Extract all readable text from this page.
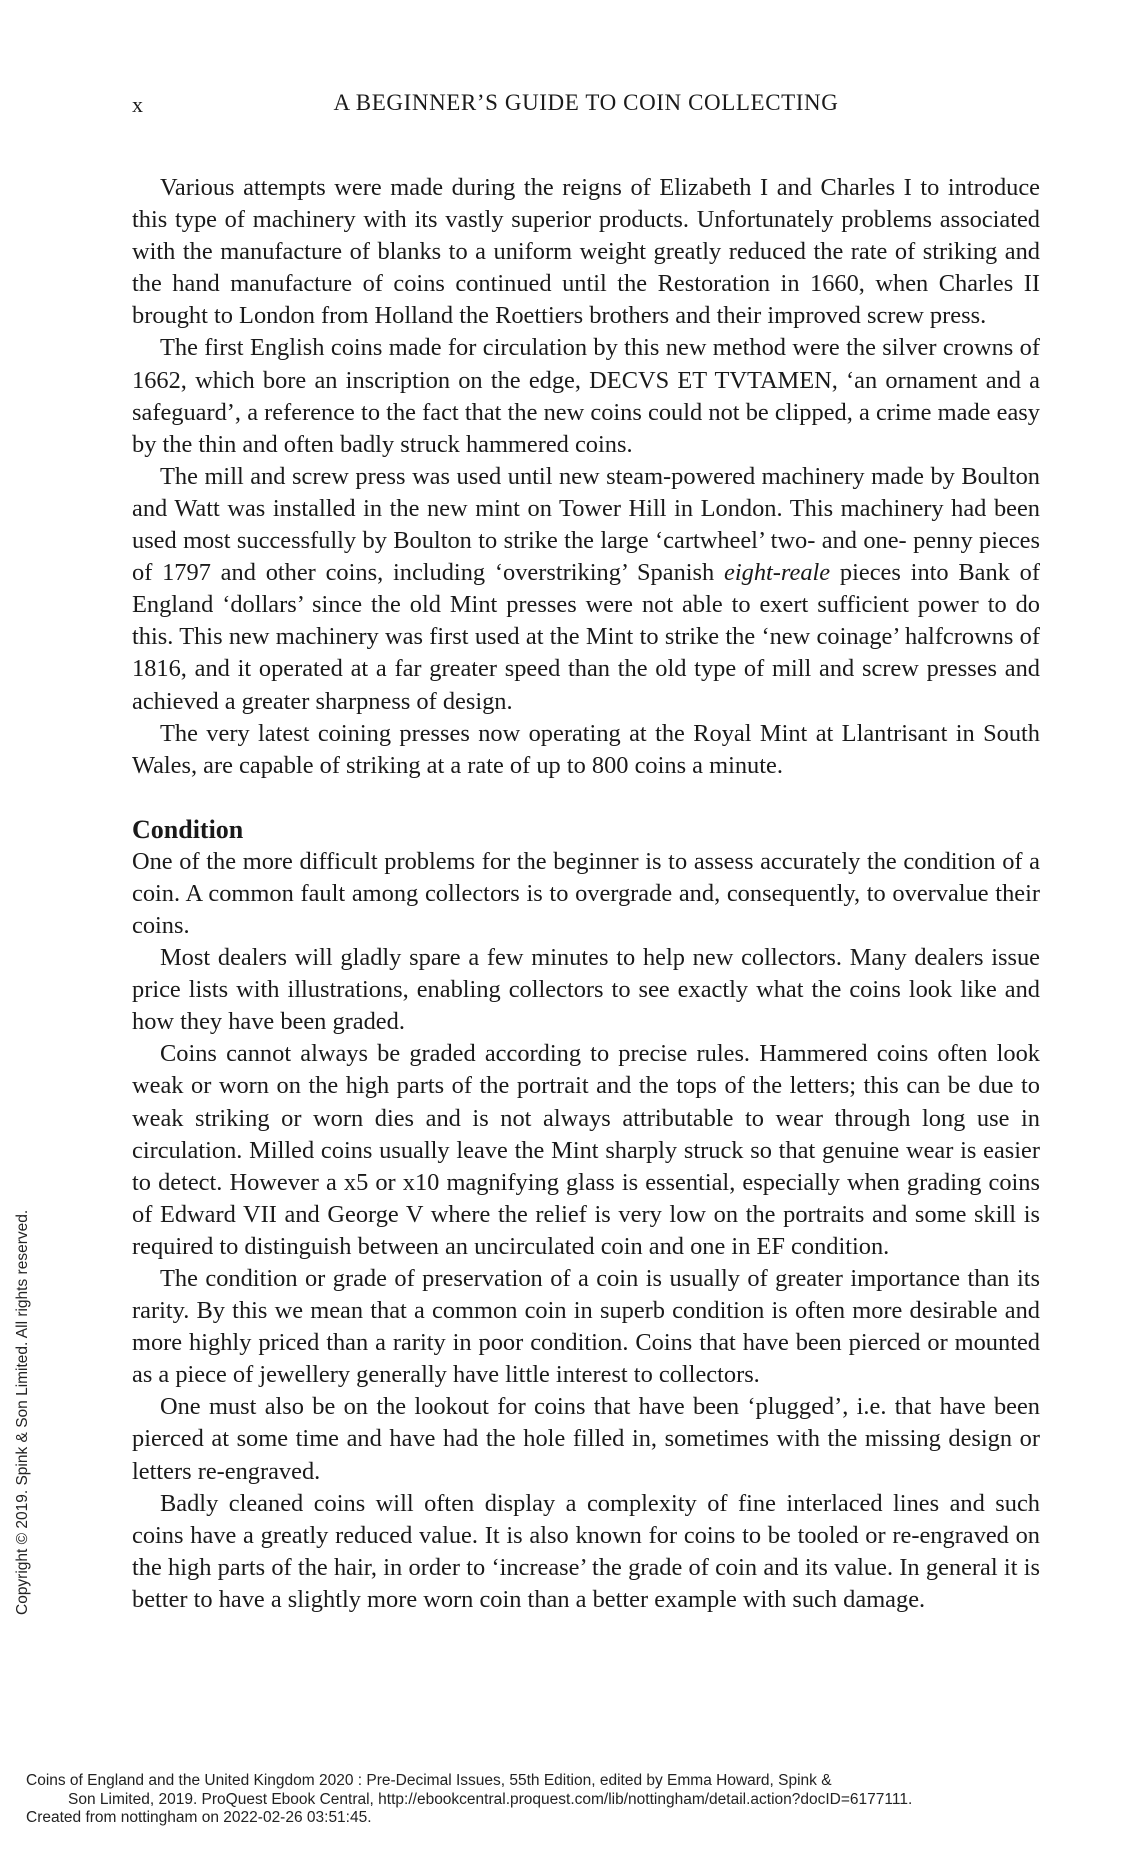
x	A BEGINNER’S GUIDE TO COIN COLLECTING

Various attempts were made during the reigns of Elizabeth I and Charles I to introduce this type of machinery with its vastly superior products. Unfortunately problems associated with the manufacture of blanks to a uniform weight greatly reduced the rate of striking and the hand manufacture of coins continued until the Restoration in 1660, when Charles II brought to London from Holland the Roettiers brothers and their improved screw press.

The first English coins made for circulation by this new method were the silver crowns of 1662, which bore an inscription on the edge, DECVS ET TVTAMEN, ‘an ornament and a safeguard’, a reference to the fact that the new coins could not be clipped, a crime made easy by the thin and often badly struck hammered coins.

The mill and screw press was used until new steam-powered machinery made by Boulton and Watt was installed in the new mint on Tower Hill in London. This machinery had been used most successfully by Boulton to strike the large ‘cartwheel’ two- and one- penny pieces of 1797 and other coins, including ‘overstriking’ Spanish eight-reale pieces into Bank of England ‘dollars’ since the old Mint presses were not able to exert sufficient power to do this. This new machinery was first used at the Mint to strike the ‘new coinage’ halfcrowns of 1816, and it operated at a far greater speed than the old type of mill and screw presses and achieved a greater sharpness of design.

The very latest coining presses now operating at the Royal Mint at Llantrisant in South Wales, are capable of striking at a rate of up to 800 coins a minute.

Condition

One of the more difficult problems for the beginner is to assess accurately the condition of a coin. A common fault among collectors is to overgrade and, consequently, to overvalue their coins.

Most dealers will gladly spare a few minutes to help new collectors. Many dealers issue price lists with illustrations, enabling collectors to see exactly what the coins look like and how they have been graded.

Coins cannot always be graded according to precise rules. Hammered coins often look weak or worn on the high parts of the portrait and the tops of the letters; this can be due to weak striking or worn dies and is not always attributable to wear through long use in circulation. Milled coins usually leave the Mint sharply struck so that genuine wear is easier to detect. However a x5 or x10 magnifying glass is essential, especially when grading coins of Edward VII and George V where the relief is very low on the portraits and some skill is required to distinguish between an uncirculated coin and one in EF condition.

The condition or grade of preservation of a coin is usually of greater importance than its rarity. By this we mean that a common coin in superb condition is often more desirable and more highly priced than a rarity in poor condition. Coins that have been pierced or mounted as a piece of jewellery generally have little interest to collectors.

One must also be on the lookout for coins that have been ‘plugged’, i.e. that have been pierced at some time and have had the hole filled in, sometimes with the missing design or letters re-engraved.

Badly cleaned coins will often display a complexity of fine interlaced lines and such coins have a greatly reduced value. It is also known for coins to be tooled or re-engraved on the high parts of the hair, in order to ‘increase’ the grade of coin and its value. In general it is better to have a slightly more worn coin than a better example with such damage.

Copyright © 2019. Spink & Son Limited. All rights reserved.
Coins of England and the United Kingdom 2020 : Pre-Decimal Issues, 55th Edition, edited by Emma Howard, Spink &
Son Limited, 2019. ProQuest Ebook Central, http://ebookcentral.proquest.com/lib/nottingham/detail.action?docID=6177111.
Created from nottingham on 2022-02-26 03:51:45.
